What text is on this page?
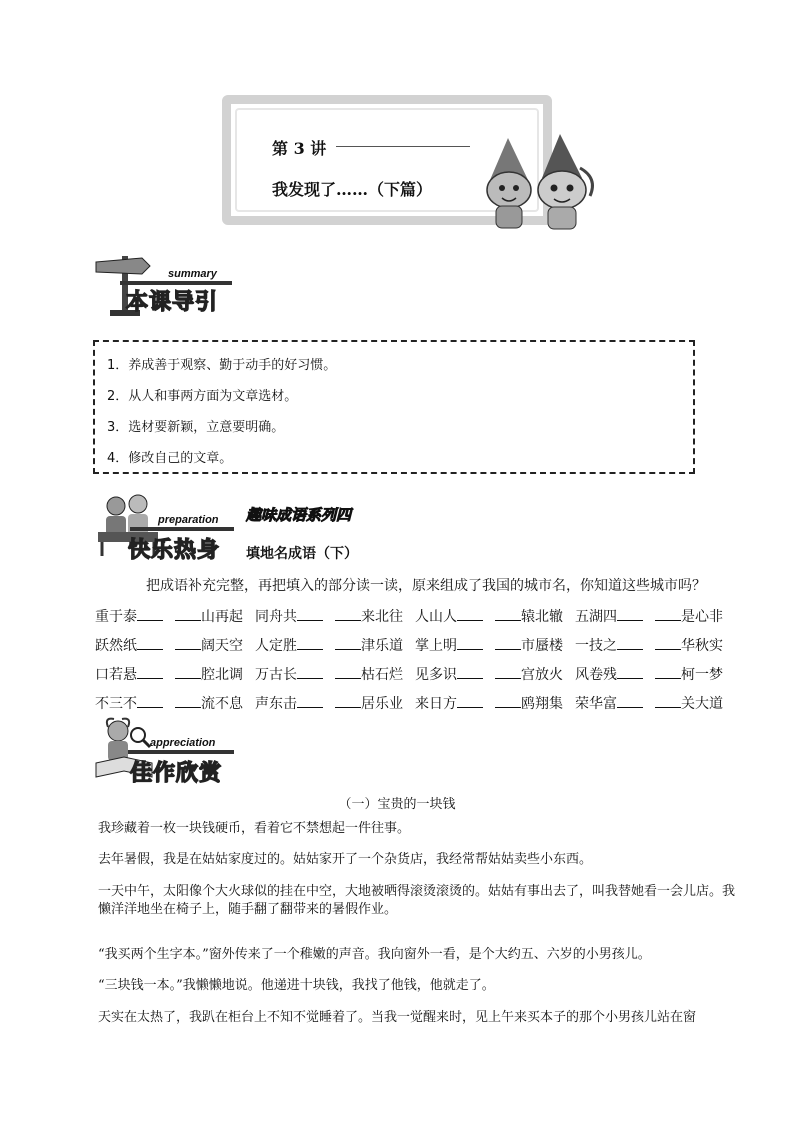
第 3 讲
我发现了……（下篇）
summary
本课导引
1．养成善于观察、勤于动手的好习惯。
2．从人和事两方面为文章选材。
3．选材要新颖，立意要明确。
4．修改自己的文章。
preparation
快乐热身
趣味成语系列四
填地名成语（下）
把成语补充完整，再把填入的部分读一读，原来组成了我国的城市名，你知道这些城市吗？
重于泰	山再起 同舟共	来北往 人山人	辕北辙 五湖四	是心非
跃然纸	阔天空 人定胜	津乐道 掌上明	市蜃楼 一技之	华秋实
口若悬	腔北调 万古长	枯石烂 见多识	宫放火 风卷残	柯一梦
不三不	流不息 声东击	居乐业 来日方	鸥翔集 荣华富	关大道
appreciation
佳作欣赏
（一）宝贵的一块钱
我珍藏着一枚一块钱硬币，看着它不禁想起一件往事。
去年暑假，我是在姑姑家度过的。姑姑家开了一个杂货店，我经常帮姑姑卖些小东西。
一天中午，太阳像个大火球似的挂在中空，大地被晒得滚烫滚烫的。姑姑有事出去了，叫我替她看一会儿店。我懒洋洋地坐在椅子上，随手翻了翻带来的暑假作业。
“我买两个生字本。”窗外传来了一个稚嫩的声音。我向窗外一看，是个大约五、六岁的小男孩儿。
“三块钱一本。”我懒懒地说。他递进十块钱，我找了他钱，他就走了。
天实在太热了，我趴在柜台上不知不觉睡着了。当我一觉醒来时，见上午来买本子的那个小男孩儿站在窗
